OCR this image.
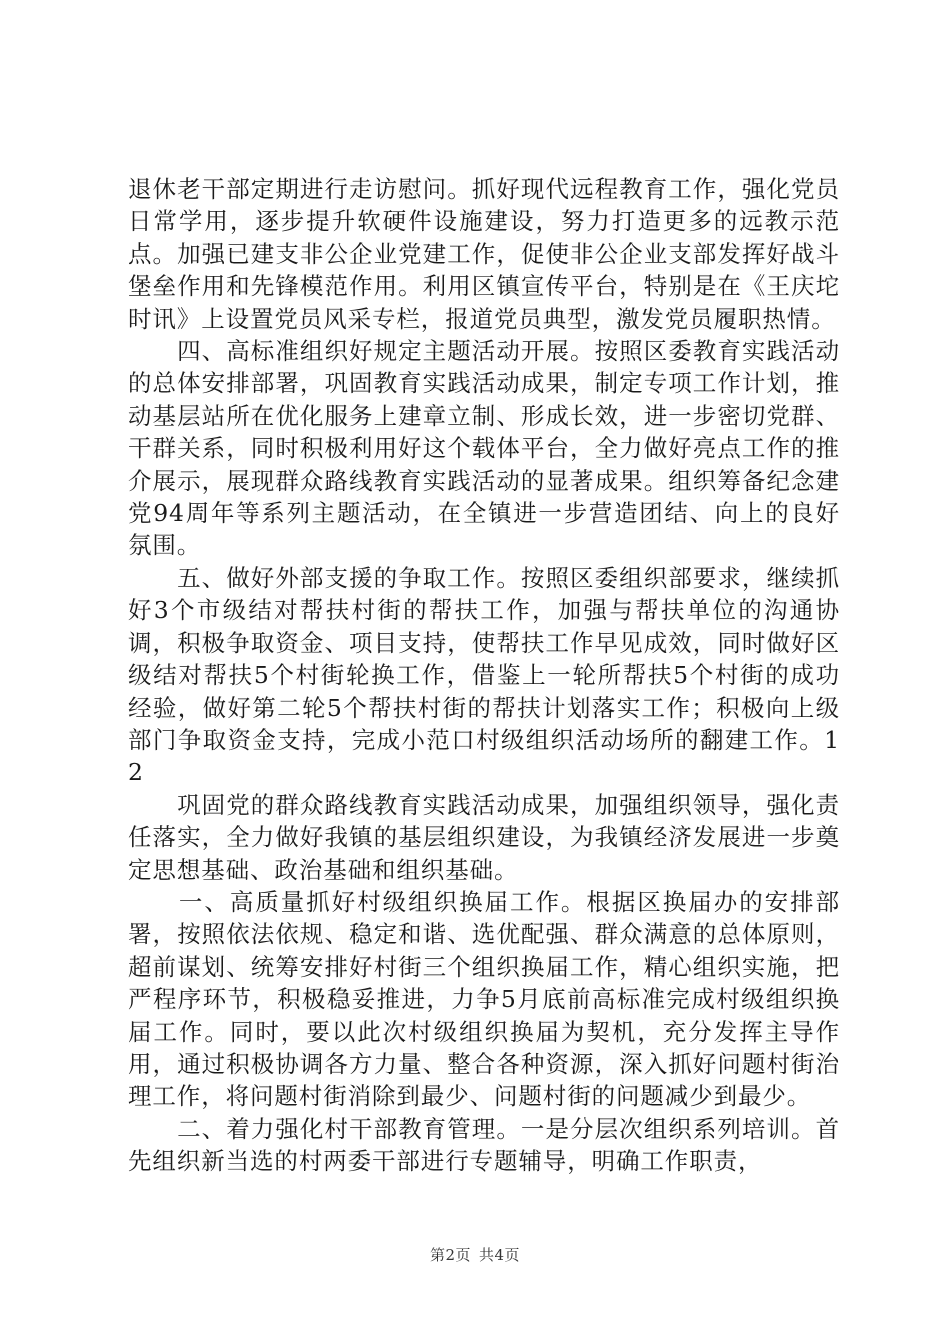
退休老干部定期进行走访慰问。抓好现代远程教育工作，强化党员日常学用，逐步提升软硬件设施建设，努力打造更多的远教示范点。加强已建支非公企业党建工作，促使非公企业支部发挥好战斗堡垒作用和先锋模范作用。利用区镇宣传平台，特别是在《王庆坨时讯》上设置党员风采专栏，报道党员典型，激发党员履职热情。

　　四、高标准组织好规定主题活动开展。按照区委教育实践活动的总体安排部署，巩固教育实践活动成果，制定专项工作计划，推动基层站所在优化服务上建章立制、形成长效，进一步密切党群、干群关系，同时积极利用好这个载体平台，全力做好亮点工作的推介展示，展现群众路线教育实践活动的显著成果。组织筹备纪念建党94周年等系列主题活动，在全镇进一步营造团结、向上的良好氛围。

　　五、做好外部支援的争取工作。按照区委组织部要求，继续抓好3个市级结对帮扶村街的帮扶工作，加强与帮扶单位的沟通协调，积极争取资金、项目支持，使帮扶工作早见成效，同时做好区级结对帮扶5个村街轮换工作，借鉴上一轮所帮扶5个村街的成功经验，做好第二轮5个帮扶村街的帮扶计划落实工作；积极向上级部门争取资金支持，完成小范口村级组织活动场所的翻建工作。12

　　巩固党的群众路线教育实践活动成果，加强组织领导，强化责任落实，全力做好我镇的基层组织建设，为我镇经济发展进一步奠定思想基础、政治基础和组织基础。

　　一、高质量抓好村级组织换届工作。根据区换届办的安排部署，按照依法依规、稳定和谐、选优配强、群众满意的总体原则，超前谋划、统筹安排好村街三个组织换届工作，精心组织实施，把严程序环节，积极稳妥推进，力争5月底前高标准完成村级组织换届工作。同时，要以此次村级组织换届为契机，充分发挥主导作用，通过积极协调各方力量、整合各种资源，深入抓好问题村街治理工作，将问题村街消除到最少、问题村街的问题减少到最少。

　　二、着力强化村干部教育管理。一是分层次组织系列培训。首先组织新当选的村两委干部进行专题辅导，明确工作职责，

第2页 共4页
